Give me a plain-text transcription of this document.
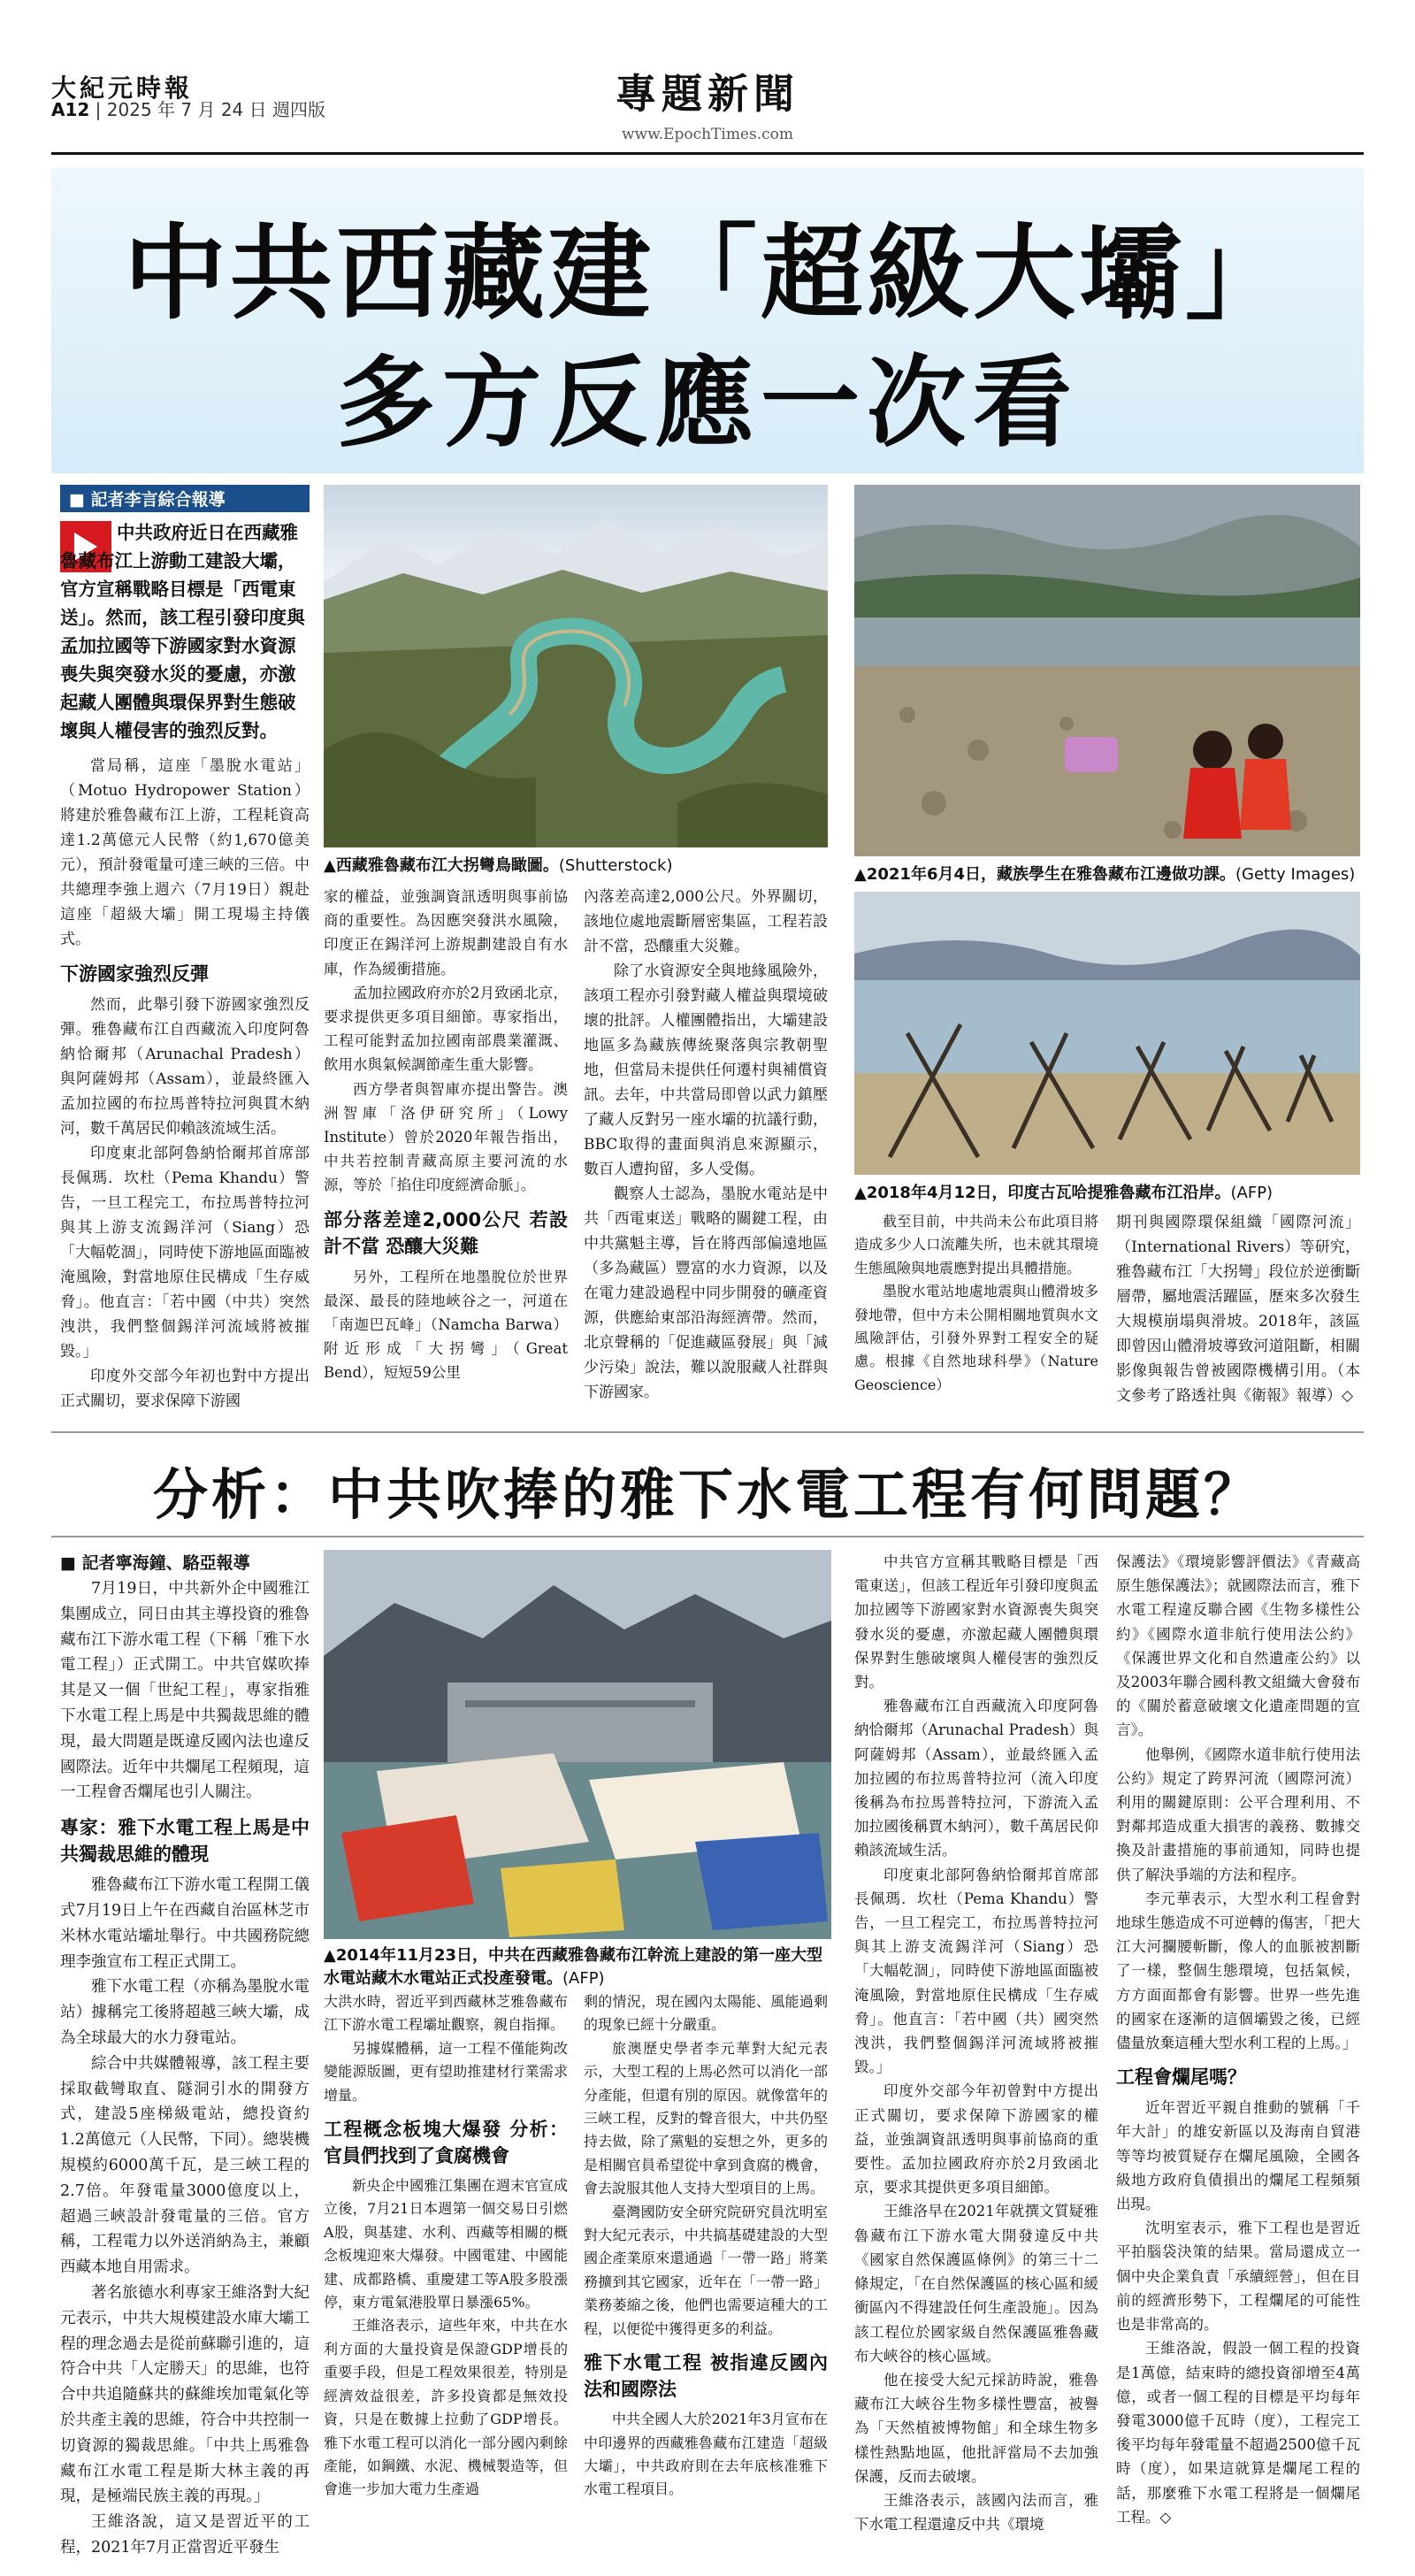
大紀元時報
A12 | 2025 年 7 月 24 日 週四版	專題新聞
www.EpochTimes.com
中共西藏建「超級大壩」
多方反應一次看
■ 記者李言綜合報導
中共政府近日在西藏雅魯藏布江上游動工建設大壩，官方宣稱戰略目標是「西電東送」。然而，該工程引發印度與孟加拉國等下游國家對水資源喪失與突發水災的憂慮，亦激起藏人團體與環保界對生態破壞與人權侵害的強烈反對。
▲西藏雅魯藏布江大拐彎鳥瞰圖。(Shutterstock)	▲2021年6月4日，藏族學生在雅魯藏布江邊做功課。(Getty Images)
▲2018年4月12日，印度古瓦哈提雅魯藏布江沿岸。(AFP)

當局稱，這座「墨脫水電站」（Motuo Hydropower Station）將建於雅魯藏布江上游，工程耗資高達1.2萬億元人民幣（約1,670億美元），預計發電量可達三峽的三倍。中共總理李強上週六（7月19日）親赴這座「超級大壩」開工現場主持儀式。

下游國家強烈反彈

然而，此舉引發下游國家強烈反彈。雅魯藏布江自西藏流入印度阿魯納恰爾邦（Arunachal Pradesh）與阿薩姆邦（Assam），並最終匯入孟加拉國的布拉馬普特拉河與貫木納河，數千萬居民仰賴該流域生活。

印度東北部阿魯納恰爾邦首席部長佩瑪．坎杜（Pema Khandu）警告，一旦工程完工，布拉馬普特拉河與其上游支流錫洋河（Siang）恐「大幅乾涸」，同時使下游地區面臨被淹風險，對當地原住民構成「生存威脅」。他直言：「若中國（中共）突然洩洪，我們整個錫洋河流域將被摧毀。」

印度外交部今年初也對中方提出正式關切，要求保障下游國

家的權益，並強調資訊透明與事前協商的重要性。為因應突發洪水風險，印度正在錫洋河上游規劃建設自有水庫，作為緩衝措施。

孟加拉國政府亦於2月致函北京，要求提供更多項目細節。專家指出，工程可能對孟加拉國南部農業灌溉、飲用水與氣候調節產生重大影響。

西方學者與智庫亦提出警告。澳洲智庫「洛伊研究所」（Lowy Institute）曾於2020年報告指出，中共若控制青藏高原主要河流的水源，等於「掐住印度經濟命脈」。

部分落差達2,000公尺 若設計不當 恐釀大災難

另外，工程所在地墨脫位於世界最深、最長的陸地峽谷之一，河道在「南迦巴瓦峰」（Namcha Barwa）附近形成「大拐彎」（Great Bend），短短59公里

內落差高達2,000公尺。外界關切，該地位處地震斷層密集區，工程若設計不當，恐釀重大災難。

除了水資源安全與地緣風險外，該項工程亦引發對藏人權益與環境破壞的批評。人權團體指出，大壩建設地區多為藏族傳統聚落與宗教朝聖地，但當局未提供任何遷村與補償資訊。去年，中共當局即曾以武力鎮壓了藏人反對另一座水壩的抗議行動，BBC取得的畫面與消息來源顯示，數百人遭拘留，多人受傷。

觀察人士認為，墨脫水電站是中共「西電東送」戰略的關鍵工程，由中共黨魁主導，旨在將西部偏遠地區（多為藏區）豐富的水力資源，以及在電力建設過程中同步開發的礦產資源，供應給東部沿海經濟帶。然而，北京聲稱的「促進藏區發展」與「減少污染」說法，難以說服藏人社群與下游國家。

截至目前，中共尚未公布此項目將造成多少人口流離失所，也未就其環境生態風險與地震應對提出具體措施。

墨脫水電站地處地震與山體滑坡多發地帶，但中方未公開相關地質與水文風險評估，引發外界對工程安全的疑慮。根據《自然地球科學》（Nature Geoscience）

期刊與國際環保組織「國際河流」（International Rivers）等研究，雅魯藏布江「大拐彎」段位於逆衝斷層帶，屬地震活躍區，歷來多次發生大規模崩塌與滑坡。2018年，該區即曾因山體滑坡導致河道阻斷，相關影像與報告曾被國際機構引用。（本文參考了路透社與《衛報》報導）◇

分析：中共吹捧的雅下水電工程有何問題？
▲2014年11月23日，中共在西藏雅魯藏布江幹流上建設的第一座大型水電站藏木水電站正式投產發電。(AFP)
■ 記者寧海鐘、駱亞報導

7月19日，中共新外企中國雅江集團成立，同日由其主導投資的雅魯藏布江下游水電工程（下稱「雅下水電工程」）正式開工。中共官媒吹捧其是又一個「世紀工程」，專家指雅下水電工程上馬是中共獨裁思維的體現，最大問題是既違反國內法也違反國際法。近年中共爛尾工程頻現，這一工程會否爛尾也引人關注。

專家：雅下水電工程上馬是中共獨裁思維的體現

雅魯藏布江下游水電工程開工儀式7月19日上午在西藏自治區林芝市米林水電站壩址舉行。中共國務院總理李強宣布工程正式開工。

雅下水電工程（亦稱為墨脫水電站）據稱完工後將超越三峽大壩，成為全球最大的水力發電站。

綜合中共媒體報導，該工程主要採取截彎取直、隧洞引水的開發方式，建設5座梯級電站，總投資約1.2萬億元（人民幣，下同）。總裝機規模約6000萬千瓦，是三峽工程的2.7倍。年發電量3000億度以上，超過三峽設計發電量的三倍。官方稱，工程電力以外送消納為主，兼顧西藏本地自用需求。

著名旅德水利專家王維洛對大紀元表示，中共大規模建設水庫大壩工程的理念過去是從前蘇聯引進的，這符合中共「人定勝天」的思維，也符合中共追隨蘇共的蘇維埃加電氣化等於共產主義的思維，符合中共控制一切資源的獨裁思維。「中共上馬雅魯藏布江水電工程是斯大林主義的再現，是極端民族主義的再現。」

王維洛說，這又是習近平的工程，2021年7月正當習近平發生

大洪水時，習近平到西藏林芝雅魯藏布江下游水電工程壩址觀察，親自指揮。

另據媒體稱，這一工程不僅能夠改變能源版圖，更有望助推建材行業需求增量。

工程概念板塊大爆發 分析：官員們找到了貪腐機會

新央企中國雅江集團在週末官宣成立後，7月21日本週第一個交易日引燃A股，與基建、水利、西藏等相關的概念板塊迎來大爆發。中國電建、中國能建、成都路橋、重慶建工等A股多股漲停，東方電氣港股單日暴漲65%。

王維洛表示，這些年來，中共在水利方面的大量投資是保證GDP增長的重要手段，但是工程效果很差，特別是經濟效益很差，許多投資都是無效投資，只是在數據上拉動了GDP增長。雅下水電工程可以消化一部分國內剩餘產能，如鋼鐵、水泥、機械製造等，但會進一步加大電力生產過

剩的情況，現在國內太陽能、風能過剩的現象已經十分嚴重。

旅澳歷史學者李元華對大紀元表示，大型工程的上馬必然可以消化一部分產能，但還有別的原因。就像當年的三峽工程，反對的聲音很大，中共仍堅持去做，除了黨魁的妄想之外，更多的是相關官員希望從中拿到貪腐的機會，會去說服其他人支持大型項目的上馬。

臺灣國防安全研究院研究員沈明室對大紀元表示，中共搞基礎建設的大型國企產業原來還通過「一帶一路」將業務擴到其它國家，近年在「一帶一路」業務萎縮之後，他們也需要這種大的工程，以便從中獲得更多的利益。

雅下水電工程 被指違反國內法和國際法

中共全國人大於2021年3月宣布在中印邊界的西藏雅魯藏布江建造「超級大壩」，中共政府則在去年底核准雅下水電工程項目。

中共官方宣稱其戰略目標是「西電東送」，但該工程近年引發印度與孟加拉國等下游國家對水資源喪失與突發水災的憂慮，亦激起藏人團體與環保界對生態破壞與人權侵害的強烈反對。

雅魯藏布江自西藏流入印度阿魯納恰爾邦（Arunachal Pradesh）與阿薩姆邦（Assam），並最終匯入孟加拉國的布拉馬普特拉河（流入印度後稱為布拉馬普特拉河，下游流入孟加拉國後稱賈木納河），數千萬居民仰賴該流域生活。

印度東北部阿魯納恰爾邦首席部長佩瑪．坎杜（Pema Khandu）警告，一旦工程完工，布拉馬普特拉河與其上游支流錫洋河（Siang）恐「大幅乾涸」，同時使下游地區面臨被淹風險，對當地原住民構成「生存威脅」。他直言：「若中國（共）國突然洩洪，我們整個錫洋河流域將被摧毀。」

印度外交部今年初曾對中方提出正式關切，要求保障下游國家的權益，並強調資訊透明與事前協商的重要性。孟加拉國政府亦於2月致函北京，要求其提供更多項目細節。

王維洛早在2021年就撰文質疑雅魯藏布江下游水電大開發違反中共《國家自然保護區條例》的第三十二條規定，「在自然保護區的核心區和緩衝區內不得建設任何生產設施」。因為該工程位於國家級自然保護區雅魯藏布大峽谷的核心區域。

他在接受大紀元採訪時說，雅魯藏布江大峽谷生物多樣性豐富，被譽為「天然植被博物館」和全球生物多樣性熱點地區，他批評當局不去加強保護，反而去破壞。

王維洛表示，該國內法而言，雅下水電工程還違反中共《環境

保護法》《環境影響評價法》《青藏高原生態保護法》；就國際法而言，雅下水電工程違反聯合國《生物多樣性公約》《國際水道非航行使用法公約》《保護世界文化和自然遺產公約》以及2003年聯合國科教文組織大會發布的《關於蓄意破壞文化遺產問題的宣言》。

他舉例，《國際水道非航行使用法公約》規定了跨界河流（國際河流）利用的關鍵原則：公平合理利用、不對鄰邦造成重大損害的義務、數據交換及計畫措施的事前通知，同時也提供了解決爭端的方法和程序。

李元華表示，大型水利工程會對地球生態造成不可逆轉的傷害，「把大江大河攔腰斬斷，像人的血脈被割斷了一樣，整個生態環境，包括氣候，方方面面都會有影響。世界一些先進的國家在逐漸的這個壩毀之後，已經儘量放棄這種大型水利工程的上馬。」

工程會爛尾嗎？

近年習近平親自推動的號稱「千年大計」的雄安新區以及海南自貿港等等均被質疑存在爛尾風險，全國各級地方政府負債損出的爛尾工程頻頻出現。

沈明室表示，雅下工程也是習近平拍腦袋決策的結果。當局還成立一個中央企業負責「承續經營」，但在目前的經濟形勢下，工程爛尾的可能性也是非常高的。

王維洛說，假設一個工程的投資是1萬億，結束時的總投資卻增至4萬億，或者一個工程的目標是平均每年發電3000億千瓦時（度），工程完工後平均每年發電量不超過2500億千瓦時（度），如果這就算是爛尾工程的話，那麼雅下水電工程將是一個爛尾工程。◇
